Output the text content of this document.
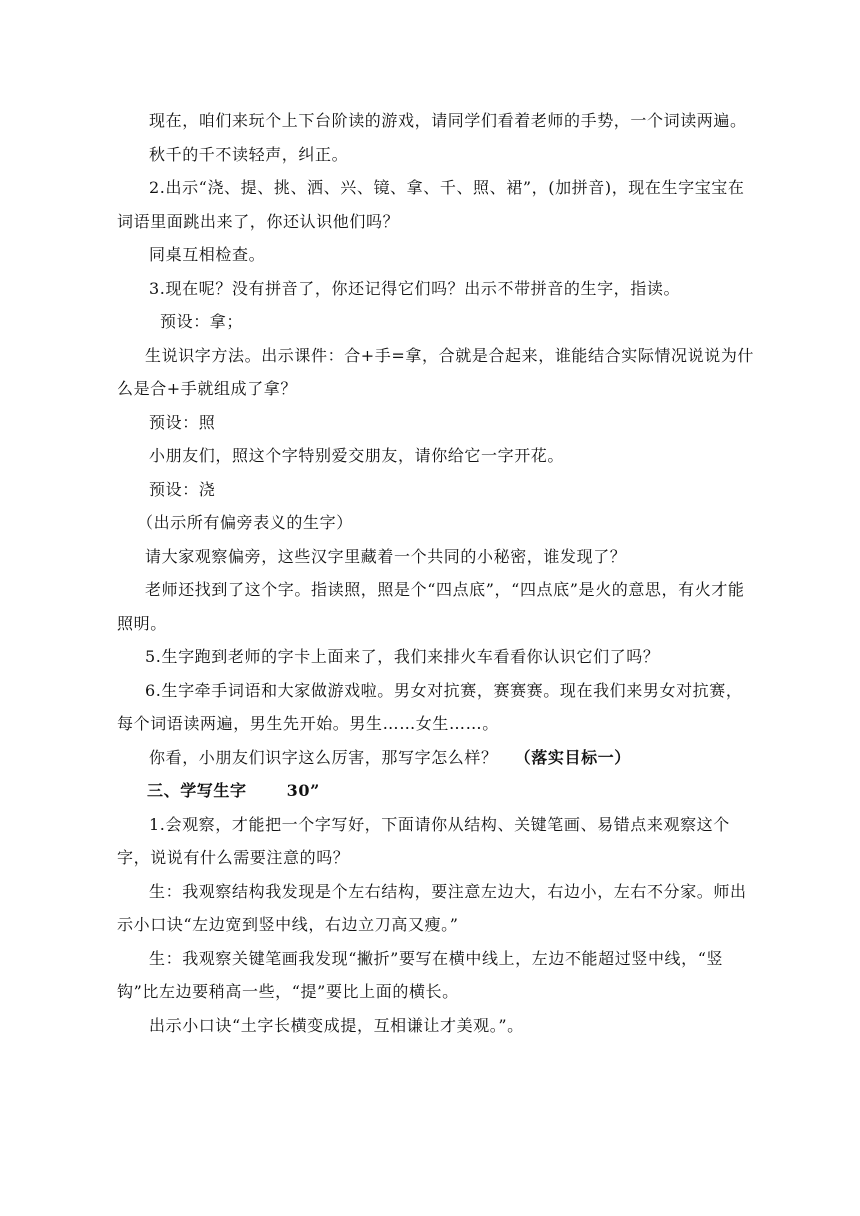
现在，咱们来玩个上下台阶读的游戏，请同学们看着老师的手势，一个词读两遍。

秋千的千不读轻声，纠正。

2.出示“浇、提、挑、洒、兴、镜、拿、千、照、裙”，(加拼音)，现在生字宝宝在词语里面跳出来了，你还认识他们吗？

同桌互相检查。

3.现在呢？没有拼音了，你还记得它们吗？出示不带拼音的生字，指读。

预设：拿；

生说识字方法。出示课件：合+手=拿，合就是合起来，谁能结合实际情况说说为什么是合+手就组成了拿？

预设：照

小朋友们，照这个字特别爱交朋友，请你给它一字开花。

预设：浇

（出示所有偏旁表义的生字）

请大家观察偏旁，这些汉字里藏着一个共同的小秘密，谁发现了？

老师还找到了这个字。指读照，照是个“四点底”，“四点底”是火的意思，有火才能照明。

5.生字跑到老师的字卡上面来了，我们来排火车看看你认识它们了吗？

6.生字牵手词语和大家做游戏啦。男女对抗赛，赛赛赛。现在我们来男女对抗赛，每个词语读两遍，男生先开始。男生……女生……。

你看，小朋友们识字这么厉害，那写字怎么样？ （落实目标一）

三、学写生字	30”

1.会观察，才能把一个字写好，下面请你从结构、关键笔画、易错点来观察这个字，说说有什么需要注意的吗？

生：我观察结构我发现是个左右结构，要注意左边大，右边小，左右不分家。师出示小口诀“左边宽到竖中线，右边立刀高又瘦。”

生：我观察关键笔画我发现“撇折”要写在横中线上，左边不能超过竖中线，“竖钩”比左边要稍高一些，“提”要比上面的横长。

出示小口诀“土字长横变成提，互相谦让才美观。”。
